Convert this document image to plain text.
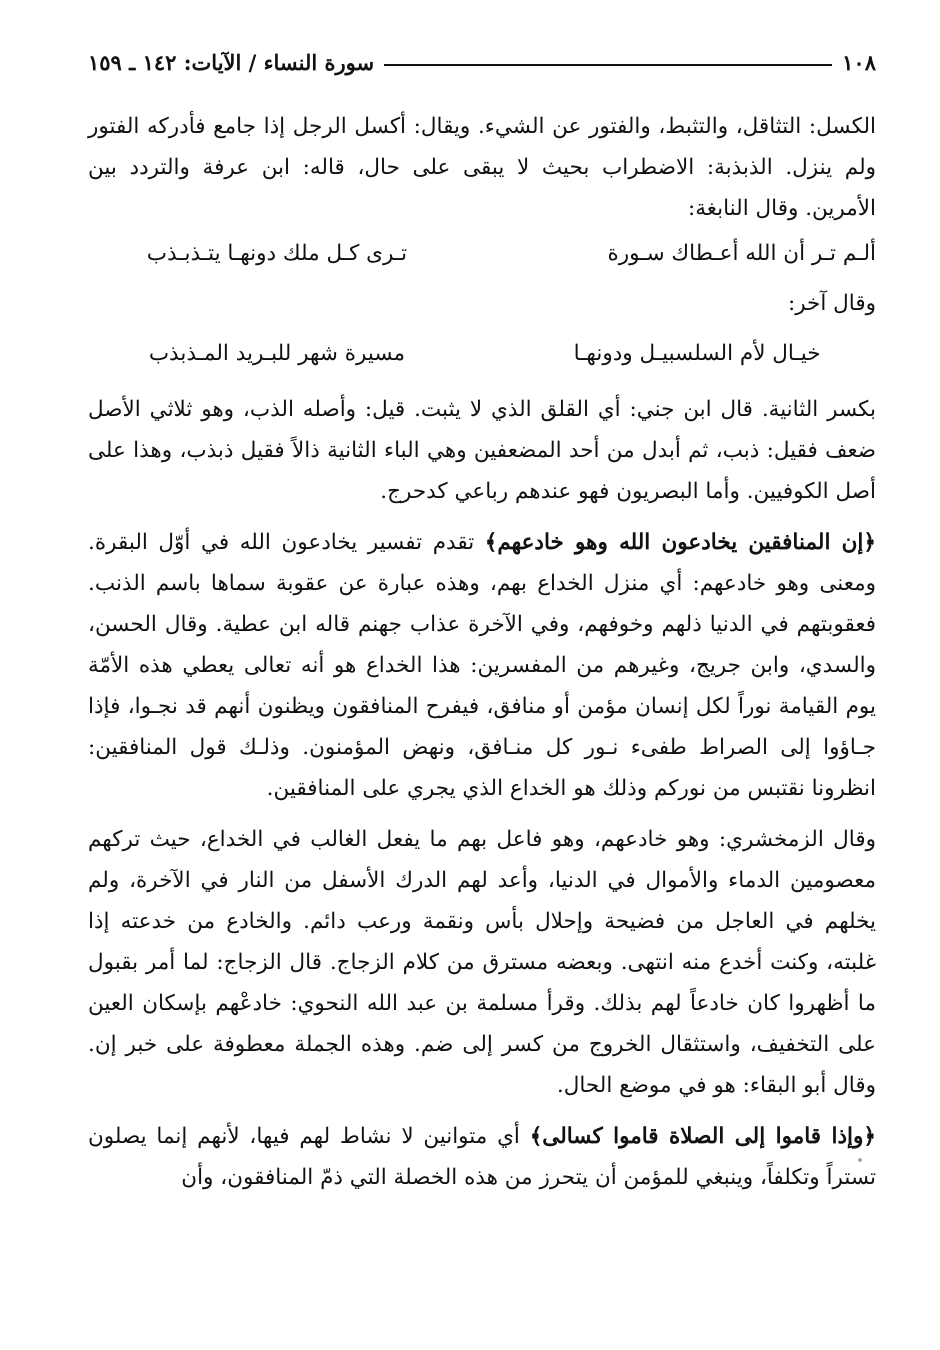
١٠٨
سورة النساء / الآيات: ١٤٢ ـ ١٥٩

الكسل: التثاقل، والتثبط، والفتور عن الشيء. ويقال: أكسل الرجل إذا جامع فأدركه الفتور ولم ينزل. الذبذبة: الاضطراب بحيث لا يبقى على حال، قاله: ابن عرفة والتردد بين الأمرين. وقال النابغة:

ألـم تـر أن الله أعـطاك سـورة
تـرى كـل ملك دونهـا يتـذبـذب

وقال آخر:

خيـال لأم السلسبيـل ودونهـا
مسيرة شهر للبـريد المـذبذب

بكسر الثانية. قال ابن جني: أي القلق الذي لا يثبت. قيل: وأصله الذب، وهو ثلاثي الأصل ضعف فقيل: ذبب، ثم أبدل من أحد المضعفين وهي الباء الثانية ذالاً فقيل ذبذب، وهذا على أصل الكوفيين. وأما البصريون فهو عندهم رباعي كدحرج.

﴿إن المنافقين يخادعون الله وهو خادعهم﴾ تقدم تفسير يخادعون الله في أوّل البقرة. ومعنى وهو خادعهم: أي منزل الخداع بهم، وهذه عبارة عن عقوبة سماها باسم الذنب. فعقوبتهم في الدنيا ذلهم وخوفهم، وفي الآخرة عذاب جهنم قاله ابن عطية. وقال الحسن، والسدي، وابن جريج، وغيرهم من المفسرين: هذا الخداع هو أنه تعالى يعطي هذه الأمّة يوم القيامة نوراً لكل إنسان مؤمن أو منافق، فيفرح المنافقون ويظنون أنهم قد نجـوا، فإذا جـاؤوا إلى الصراط طفىء نـور كل منـافق، ونهض المؤمنون. وذلـك قول المنافقين: انظرونا نقتبس من نوركم وذلك هو الخداع الذي يجري على المنافقين.

وقال الزمخشري: وهو خادعهم، وهو فاعل بهم ما يفعل الغالب في الخداع، حيث تركهم معصومين الدماء والأموال في الدنيا، وأعد لهم الدرك الأسفل من النار في الآخرة، ولم يخلهم في العاجل من فضيحة وإحلال بأس ونقمة ورعب دائم. والخادع من خدعته إذا غلبته، وكنت أخدع منه انتهى. وبعضه مسترق من كلام الزجاج. قال الزجاج: لما أمر بقبول ما أظهروا كان خادعاً لهم بذلك. وقرأ مسلمة بن عبد الله النحوي: خادعْهم بإسكان العين على التخفيف، واستثقال الخروج من كسر إلى ضم. وهذه الجملة معطوفة على خبر إن. وقال أبو البقاء: هو في موضع الحال.

﴿وإذا قاموا إلى الصلاة قاموا كسالى﴾ أي متوانين لا نشاط لهم فيها، لأنهم إنما يصلون تستراً وتكلفاً، وينبغي للمؤمن أن يتحرز من هذه الخصلة التي ذمّ المنافقون، وأن
